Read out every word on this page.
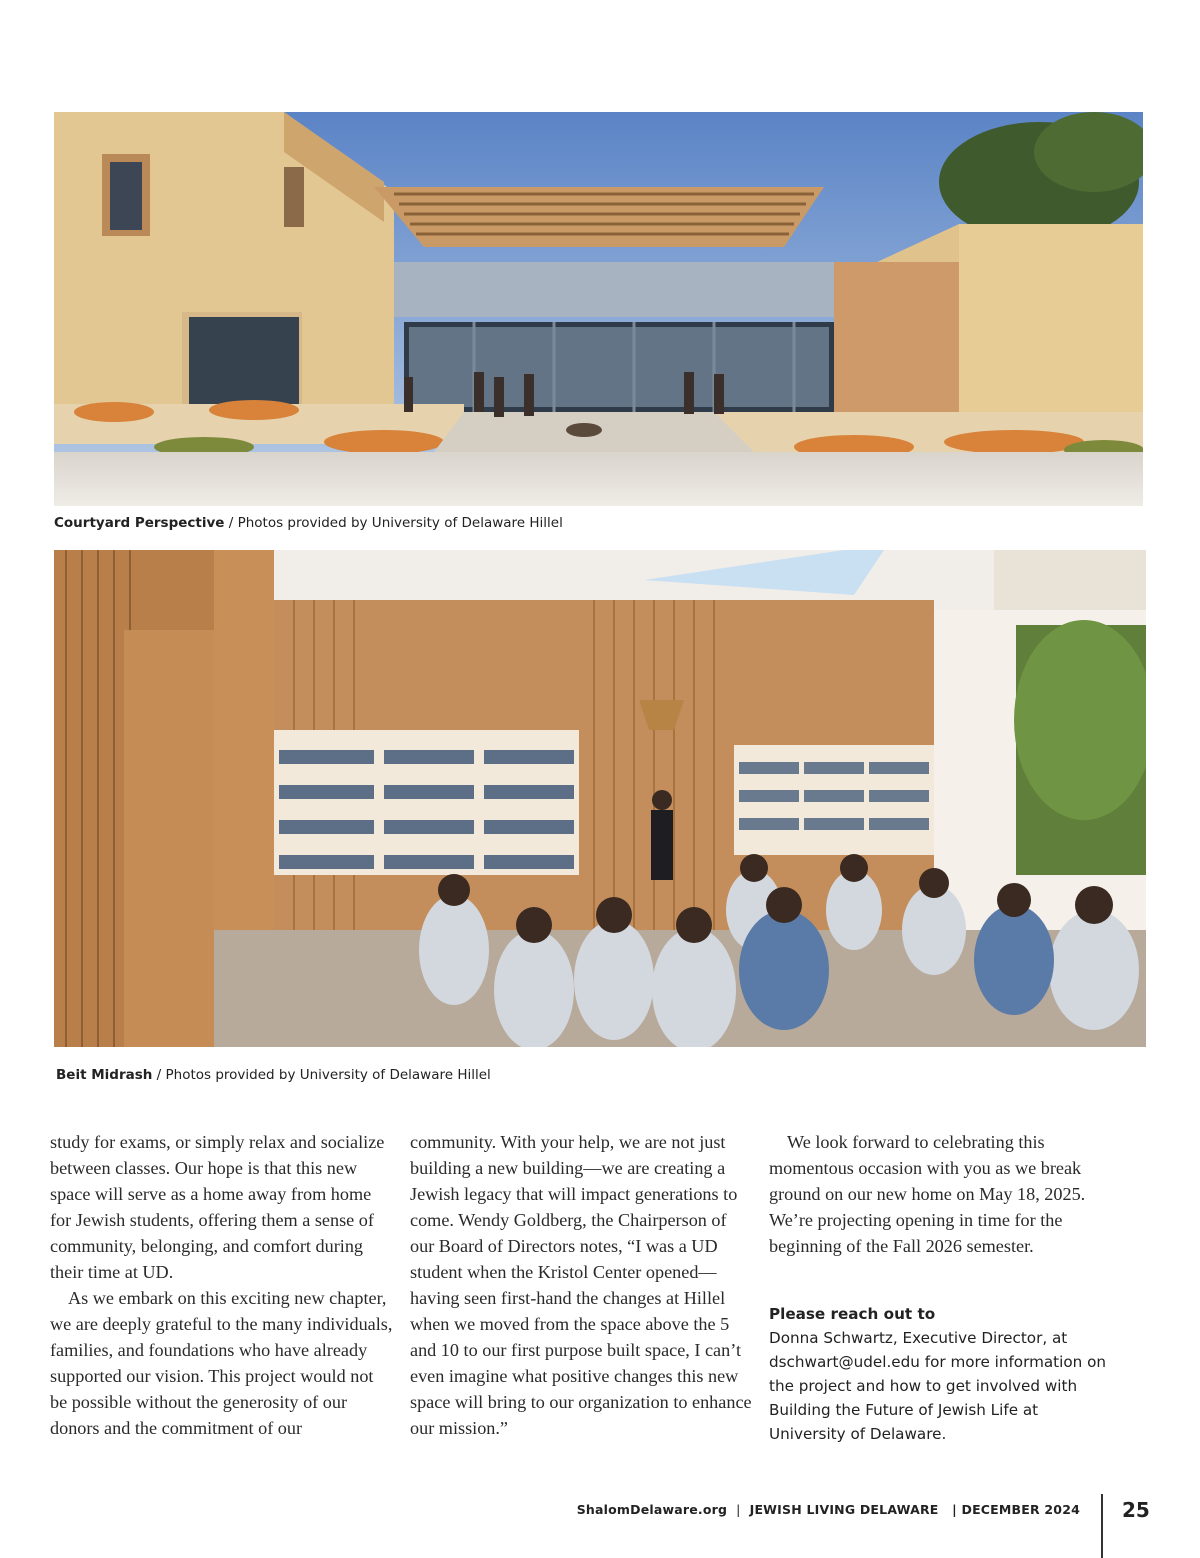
Courtyard Perspective / Photos provided by University of Delaware Hillel
Beit Midrash / Photos provided by University of Delaware Hillel

study for exams, or simply relax and socialize between classes. Our hope is that this new space will serve as a home away from home for Jewish students, offering them a sense of community, belonging, and comfort during their time at UD.

As we embark on this exciting new chapter, we are deeply grateful to the many individuals, families, and foundations who have already supported our vision. This project would not be possible without the generosity of our donors and the commitment of our

community. With your help, we are not just building a new building—we are creating a Jewish legacy that will impact generations to come. Wendy Goldberg, the Chairperson of our Board of Directors notes, “I was a UD student when the Kristol Center opened—having seen first-hand the changes at Hillel when we moved from the space above the 5 and 10 to our first purpose built space, I can’t even imagine what positive changes this new space will bring to our organization to enhance our mission.”

We look forward to celebrating this momentous occasion with you as we break ground on our new home on May 18, 2025. We’re projecting opening in time for the beginning of the Fall 2026 semester.

Please reach out to

Donna Schwartz, Executive Director, at dschwart@udel.edu for more information on the project and how to get involved with Building the Future of Jewish Life at University of Delaware.

ShalomDelaware.org | JEWISH LIVING DELAWARE | DECEMBER 2024 25
